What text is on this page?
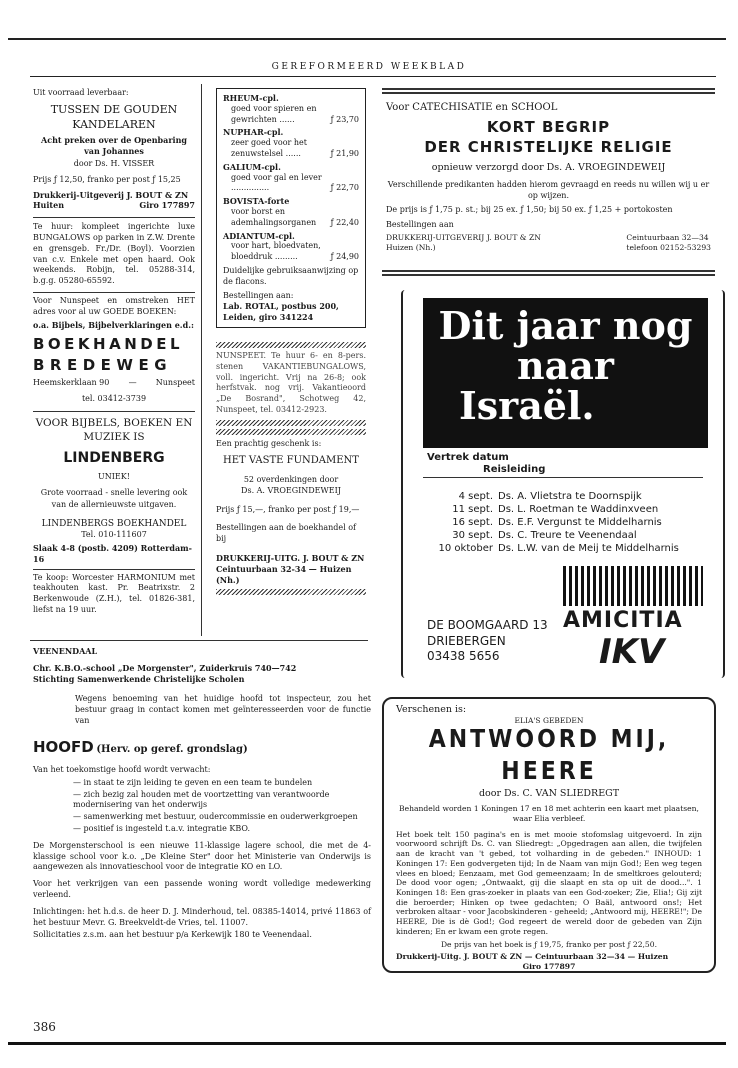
GEREFORMEERD WEEKBLAD

Uit voorraad leverbaar:

TUSSEN DE GOUDEN KANDELAREN

Acht preken over de Openbaring van Johannes

door Ds. H. VISSER

Prijs ƒ 12,50, franko per post ƒ 15,25

Drukkerij-Uitgeverij J. BOUT & ZN

Huiten	Giro 177897

Te huur: kompleet ingerichte luxe BUNGALOWS op parken in Z.W. Drente en grensgeb. Fr./Dr. (Boyl). Voorzien van c.v. Enkele met open haard. Ook weekends. Robijn, tel. 05288-314, b.g.g. 05280-65592.

Voor Nunspeet en omstreken HET adres voor al uw GOEDE BOEKEN:

o.a. Bijbels, Bijbelverklaringen e.d.:

BOEKHANDEL

BREDEWEG

Heemskerklaan 90 — Nunspeet

tel. 03412-3739

VOOR BIJBELS, BOEKEN EN MUZIEK IS

LINDENBERG

UNIEK!

Grote voorraad - snelle levering ook van de allernieuwste uitgaven.

LINDENBERGS BOEKHANDEL

Tel. 010-111607

Slaak 4-8 (postb. 4209) Rotterdam-16

Te koop: Worcester HARMONIUM met teakhouten kast. Pr. Beatrixstr. 2 Berkenwoude (Z.H.), tel. 01826-381, liefst na 19 uur.

RHEUM-cpl.
goed voor spieren en gewrichten ......	ƒ 23,70
NUPHAR-cpl.
zeer goed voor het zenuwstelsel ......	ƒ 21,90
GALIUM-cpl.
goed voor gal en lever ...............	ƒ 22,70
BOVISTA-forte
voor borst en ademhalingsorganen	ƒ 22,40
ADIANTUM-cpl.
voor hart, bloedvaten, bloeddruk .........	ƒ 24,90

Duidelijke gebruiksaanwijzing op de flacons.

Bestellingen aan:

Lab. ROTAL, postbus 200, Leiden, giro 341224

NUNSPEET. Te huur 6- en 8-pers. stenen VAKANTIEBUNGALOWS, voll. ingericht. Vrij na 26-8; ook herfstvak. nog vrij. Vakantieoord „De Bosrand", Schotweg 42, Nunspeet, tel. 03412-2923.

Een prachtig geschenk is:

HET VASTE FUNDAMENT

52 overdenkingen door

Ds. A. VROEGINDEWEIJ

Prijs ƒ 15,—, franko per post ƒ 19,—

Bestellingen aan de boekhandel of bij

DRUKKERIJ-UITG. J. BOUT & ZN

Ceintuurbaan 32-34 — Huizen (Nh.)

Voor CATECHISATIE en SCHOOL

KORT BEGRIP

DER CHRISTELIJKE RELIGIE

opnieuw verzorgd door Ds. A. VROEGINDEWEIJ

Verschillende predikanten hadden hierom gevraagd en reeds nu willen wij u er op wijzen.

De prijs is ƒ 1,75 p. st.; bij 25 ex. ƒ 1,50; bij 50 ex. ƒ 1,25 + portokosten

Bestellingen aan

DRUKKERIJ-UITGEVERIJ J. BOUT & ZN

Huizen (Nh.)

Ceintuurbaan 32—34

telefoon 02152-53293

Dit jaar nog
naar
Israël.
Vertrek datum
Reisleiding
4 sept. Ds. A. Vlietstra te Doornspijk
11 sept. Ds. L. Roetman te Waddinxveen
16 sept. Ds. E.F. Vergunst te Middelharnis
30 sept. Ds. C. Treure te Veenendaal
10 oktober Ds. L.W. van de Meij te Middelharnis
DE BOOMGAARD 13
DRIEBERGEN
03438 5656
AMICITIA
IKV

VEENENDAAL

Chr. K.B.O.-school „De Morgenster", Zuiderkruis 740—742

Stichting Samenwerkende Christelijke Scholen

Wegens benoeming van het huidige hoofd tot inspecteur, zou het bestuur graag in contact komen met geïnteresseerden voor de functie van

HOOFD (Herv. op geref. grondslag)

Van het toekomstige hoofd wordt verwacht:

— in staat te zijn leiding te geven en een team te bundelen
— zich bezig zal houden met de voortzetting van verantwoorde modernisering van het onderwijs
— samenwerking met bestuur, oudercommissie en ouderwerkgroepen
— positief is ingesteld t.a.v. integratie KBO.

De Morgensterschool is een nieuwe 11-klassige lagere school, die met de 4-klassige school voor k.o. „De Kleine Ster" door het Ministerie van Onderwijs is aangewezen als innovatieschool voor de integratie KO en LO.

Voor het verkrijgen van een passende woning wordt volledige medewerking verleend.

Inlichtingen: het h.d.s. de heer D. J. Minderhoud, tel. 08385-14014, privé 11863 of het bestuur Mevr. G. Breekveldt-de Vries, tel. 11007.

Sollicitaties z.s.m. aan het bestuur p/a Kerkewijk 180 te Veenendaal.

Verschenen is:

ELIA'S GEBEDEN

ANTWOORD MIJ, HEERE

door Ds. C. VAN SLIEDREGT

Behandeld worden 1 Koningen 17 en 18 met achterin een kaart met plaatsen, waar Elia verbleef.

Het boek telt 150 pagina's en is met mooie stofomslag uitgevoerd. In zijn voorwoord schrijft Ds. C. van Sliedregt: „Opgedragen aan allen, die twijfelen aan de kracht van 't gebed, tot volharding in de gebeden." INHOUD: 1 Koningen 17: Een godvergeten tijd; In de Naam van mijn God!; Een weg tegen vlees en bloed; Eenzaam, met God gemeenzaam; In de smeltkroes gelouterd; De dood voor ogen; „Ontwaakt, gij die slaapt en sta op uit de dood...". 1 Koningen 18: Een gras-zoeker in plaats van een God-zoeker; Zie, Elia!; Gij zijt die beroerder; Hinken op twee gedachten; O Baäl, antwoord ons!; Het verbroken altaar - voor Jacobskinderen - geheeld; „Antwoord mij, HEERE!"; De HEERE, Die is dè God!; God regeert de wereld door de gebeden van Zijn kinderen; En er kwam een grote regen.

De prijs van het boek is ƒ 19,75, franko per post ƒ 22,50.

Drukkerij-Uitg. J. BOUT & ZN — Ceintuurbaan 32—34 — Huizen

Giro 177897

386
